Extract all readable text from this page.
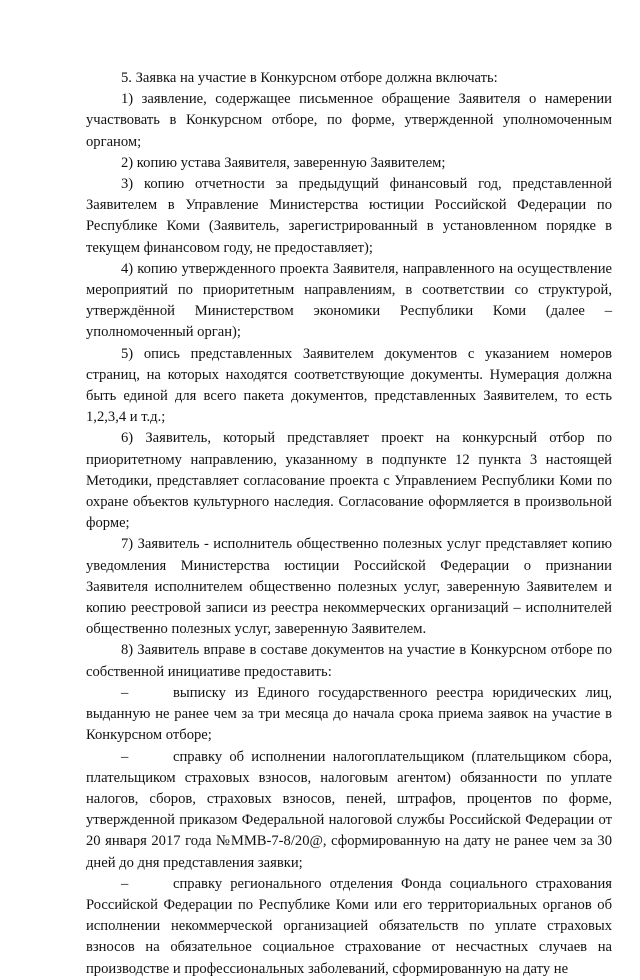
5. Заявка на участие в Конкурсном отборе должна включать:

1) заявление, содержащее письменное обращение Заявителя о намерении участвовать в Конкурсном отборе, по форме, утвержденной уполномоченным органом;

2) копию устава Заявителя, заверенную Заявителем;

3) копию отчетности за предыдущий финансовый год, представленной Заявителем в Управление Министерства юстиции Российской Федерации по Республике Коми (Заявитель, зарегистрированный в установленном порядке в текущем финансовом году, не предоставляет);

4) копию утвержденного проекта Заявителя, направленного на осуществление мероприятий по приоритетным направлениям, в соответствии со структурой, утверждённой Министерством экономики Республики Коми (далее – уполномоченный орган);

5) опись представленных Заявителем документов с указанием номеров страниц, на которых находятся соответствующие документы. Нумерация должна быть единой для всего пакета документов, представленных Заявителем, то есть 1,2,3,4 и т.д.;

6) Заявитель, который представляет проект на конкурсный отбор по приоритетному направлению, указанному в подпункте 12 пункта 3 настоящей Методики, представляет согласование проекта с Управлением Республики Коми по охране объектов культурного наследия. Согласование оформляется в произвольной форме;

7) Заявитель - исполнитель общественно полезных услуг представляет копию уведомления Министерства юстиции Российской Федерации о признании Заявителя исполнителем общественно полезных услуг, заверенную Заявителем и копию реестровой записи из реестра некоммерческих организаций – исполнителей общественно полезных услуг, заверенную Заявителем.

8) Заявитель вправе в составе документов на участие в Конкурсном отборе по собственной инициативе предоставить:

–	выписку из Единого государственного реестра юридических лиц, выданную не ранее чем за три месяца до начала срока приема заявок на участие в Конкурсном отборе;

–	справку об исполнении налогоплательщиком (плательщиком сбора, плательщиком страховых взносов, налоговым агентом) обязанности по уплате налогов, сборов, страховых взносов, пеней, штрафов, процентов по форме, утвержденной приказом Федеральной налоговой службы Российской Федерации от 20 января 2017 года №ММВ-7-8/20@, сформированную на дату не ранее чем за 30 дней до дня представления заявки;

–	справку регионального отделения Фонда социального страхования Российской Федерации по Республике Коми или его территориальных органов об исполнении некоммерческой организацией обязательств по уплате страховых взносов на обязательное социальное страхование от несчастных случаев на производстве и профессиональных заболеваний, сформированную на дату не
